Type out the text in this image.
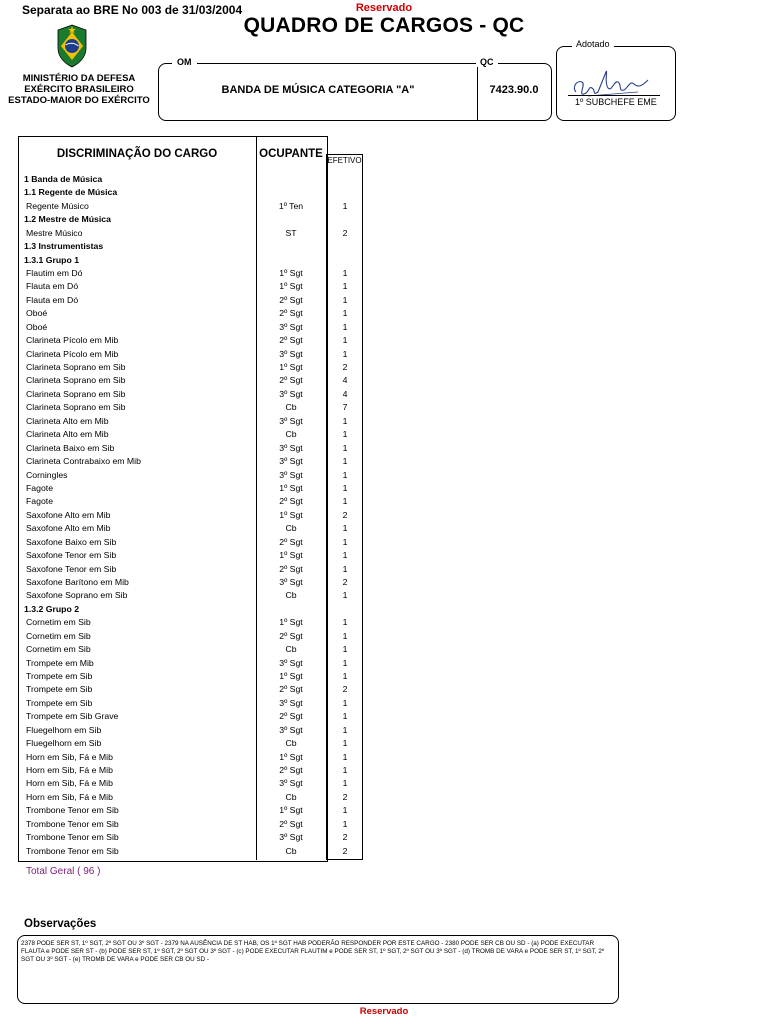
Separata ao BRE No 003 de 31/03/2004	Reservado
QUADRO DE CARGOS - QC
MINISTÉRIO DA DEFESA
EXÉRCITO BRASILEIRO
ESTADO-MAIOR DO EXÉRCITO
OM	QC
BANDA DE MÚSICA CATEGORIA "A"	7423.90.0
Adotado
1º SUBCHEFE EME
DISCRIMINAÇÃO DO CARGO	OCUPANTE
EFETIVO
1 Banda de Música
1.1 Regente de Música
Regente Músico	1º Ten	1
1.2 Mestre de Música
Mestre Músico	ST	2
1.3 Instrumentistas
1.3.1 Grupo 1
Flautim em Dó	1º Sgt	1
Flauta em Dó	1º Sgt	1
Flauta em Dó	2º Sgt	1
Oboé	2º Sgt	1
Oboé	3º Sgt	1
Clarineta Pícolo em Mib	2º Sgt	1
Clarineta Pícolo em Mib	3º Sgt	1
Clarineta Soprano em Sib	1º Sgt	2
Clarineta Soprano em Sib	2º Sgt	4
Clarineta Soprano em Sib	3º Sgt	4
Clarineta Soprano em Sib	Cb	7
Clarineta Alto em Mib	3º Sgt	1
Clarineta Alto em Mib	Cb	1
Clarineta Baixo em Sib	3º Sgt	1
Clarineta Contrabaixo em Mib	3º Sgt	1
Corningles	3º Sgt	1
Fagote	1º Sgt	1
Fagote	2º Sgt	1
Saxofone Alto em Mib	1º Sgt	2
Saxofone Alto em Mib	Cb	1
Saxofone Baixo em Sib	2º Sgt	1
Saxofone Tenor em Sib	1º Sgt	1
Saxofone Tenor em Sib	2º Sgt	1
Saxofone Barítono em Mib	3º Sgt	2
Saxofone Soprano em Sib	Cb	1
1.3.2 Grupo 2
Cornetim em Sib	1º Sgt	1
Cornetim em Sib	2º Sgt	1
Cornetim em Sib	Cb	1
Trompete em Mib	3º Sgt	1
Trompete em Sib	1º Sgt	1
Trompete em Sib	2º Sgt	2
Trompete em Sib	3º Sgt	1
Trompete em Sib Grave	2º Sgt	1
Fluegelhorn em Sib	3º Sgt	1
Fluegelhorn em Sib	Cb	1
Horn em Sib, Fá e Mib	1º Sgt	1
Horn em Sib, Fá e Mib	2º Sgt	1
Horn em Sib, Fá e Mib	3º Sgt	1
Horn em Sib, Fá e Mib	Cb	2
Trombone Tenor em Sib	1º Sgt	1
Trombone Tenor em Sib	2º Sgt	1
Trombone Tenor em Sib	3º Sgt	2
Trombone Tenor em Sib	Cb	2
Total Geral ( 96 )
Observações
2378 PODE SER ST, 1º SGT, 2º SGT OU 3º SGT - 2379 NA AUSÊNCIA DE ST HAB, OS 1º SGT HAB PODERÃO RESPONDER POR ESTE CARGO - 2380 PODE SER CB OU SD - (a) PODE EXECUTAR FLAUTA e PODE SER ST - (b) PODE SER ST, 1º SGT, 2º SGT OU 3º SGT - (c) PODE EXECUTAR FLAUTIM e PODE SER ST, 1º SGT, 2º SGT OU 3º SGT - (d) TROMB DE VARA e PODE SER ST, 1º SGT, 2º SGT OU 3º SGT - (e) TROMB DE VARA e PODE SER CB OU SD -
Reservado
